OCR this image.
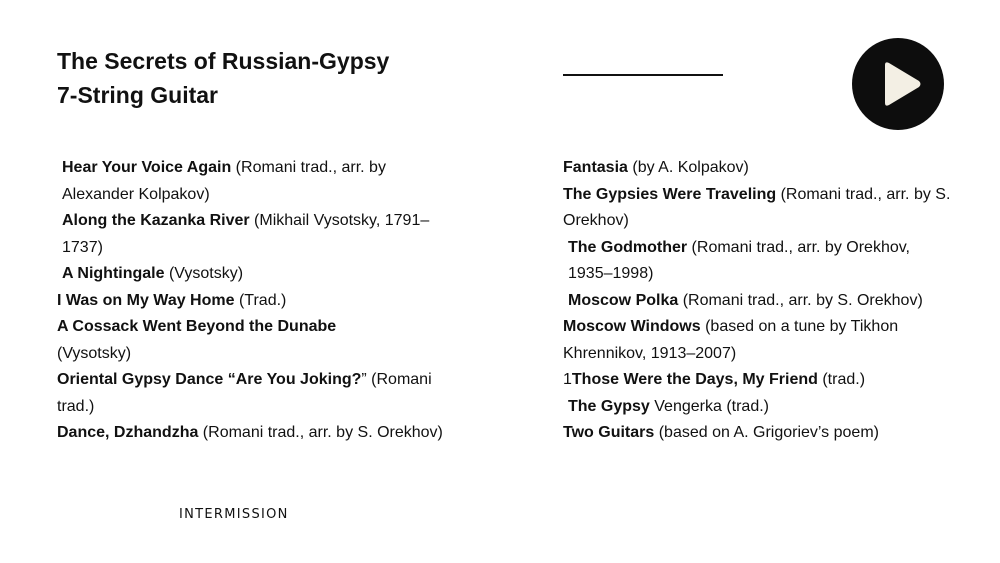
The Secrets of Russian-Gypsy
7-String Guitar
Hear Your Voice Again (Romani trad., arr. by Alexander Kolpakov)
Along the Kazanka River (Mikhail Vysotsky, 1791–1737)
A Nightingale (Vysotsky)
I Was on My Way Home (Trad.)
A Cossack Went Beyond the Dunabe
(Vysotsky)
Oriental Gypsy Dance “Are You Joking?” (Romani trad.)
Dance, Dzhandzha (Romani trad., arr. by S. Orekhov)
INTERMISSION
Fantasia (by A. Kolpakov)
The Gypsies Were Traveling (Romani trad., arr. by S. Orekhov)
The Godmother (Romani trad., arr. by Orekhov, 1935–1998)
Moscow Polka (Romani trad., arr. by S. Orekhov)
Moscow Windows (based on a tune by Tikhon Khrennikov, 1913–2007)
1Those Were the Days, My Friend (trad.)
The Gypsy Vengerka (trad.)
Two Guitars (based on A. Grigoriev’s poem)
